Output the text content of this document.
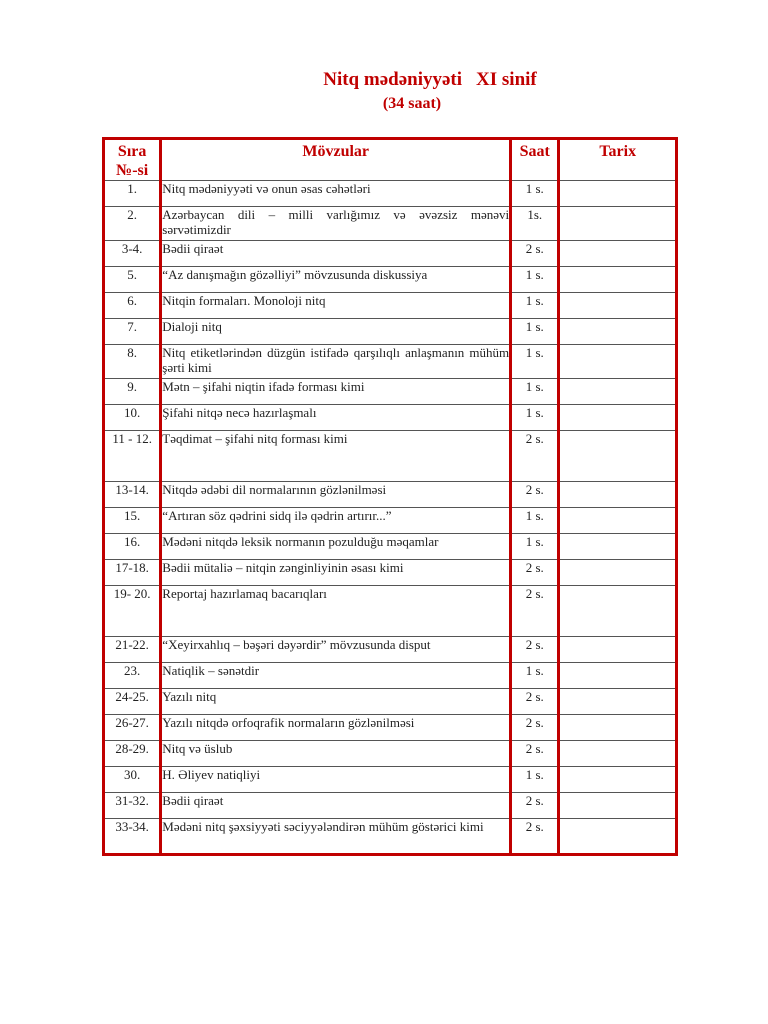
Nitq mədəniyyəti XI sinif
(34 saat)
Sıra
№-si	Mövzular	Saat	Tarix
1.	Nitq mədəniyyəti və onun əsas cəhətləri	1 s.	
2.	Azərbaycan dili – milli varlığımız və əvəzsiz mənəvi sərvətimizdir	1s.	
3-4.	Bədii qiraət	2 s.	
5.	“Az danışmağın gözəlliyi” mövzusunda diskussiya	1 s.	
6.	Nitqin formaları. Monoloji nitq	1 s.	
7.	Dialoji nitq	1 s.	
8.	Nitq etiketlərindən düzgün istifadə qarşılıqlı anlaşmanın mühüm şərti kimi	1 s.	
9.	Mətn – şifahi niqtin ifadə forması kimi	1 s.	
10.	Şifahi nitqə necə hazırlaşmalı	1 s.	
11 - 12.	Təqdimat – şifahi nitq forması kimi	2 s.	
13-14.	Nitqdə ədəbi dil normalarının gözlənilməsi	2 s.	
15.	“Artıran söz qədrini sidq ilə qədrin artırır...”	1 s.	
16.	Mədəni nitqdə leksik normanın pozulduğu məqamlar	1 s.	
17-18.	Bədii mütaliə – nitqin zənginliyinin əsası kimi	2 s.	
19- 20.	Reportaj hazırlamaq bacarıqları	2 s.	
21-22.	“Xeyirxahlıq – bəşəri dəyərdir” mövzusunda disput	2 s.	
23.	Natiqlik – sənətdir	1 s.	
24-25.	Yazılı nitq	2 s.	
26-27.	Yazılı nitqdə orfoqrafik normaların gözlənilməsi	2 s.	
28-29.	Nitq və üslub	2 s.	
30.	H. Əliyev natiqliyi	1 s.	
31-32.	Bədii qiraət	2 s.	
33-34.	Mədəni nitq şəxsiyyəti səciyyələndirən mühüm göstərici kimi	2 s.	
